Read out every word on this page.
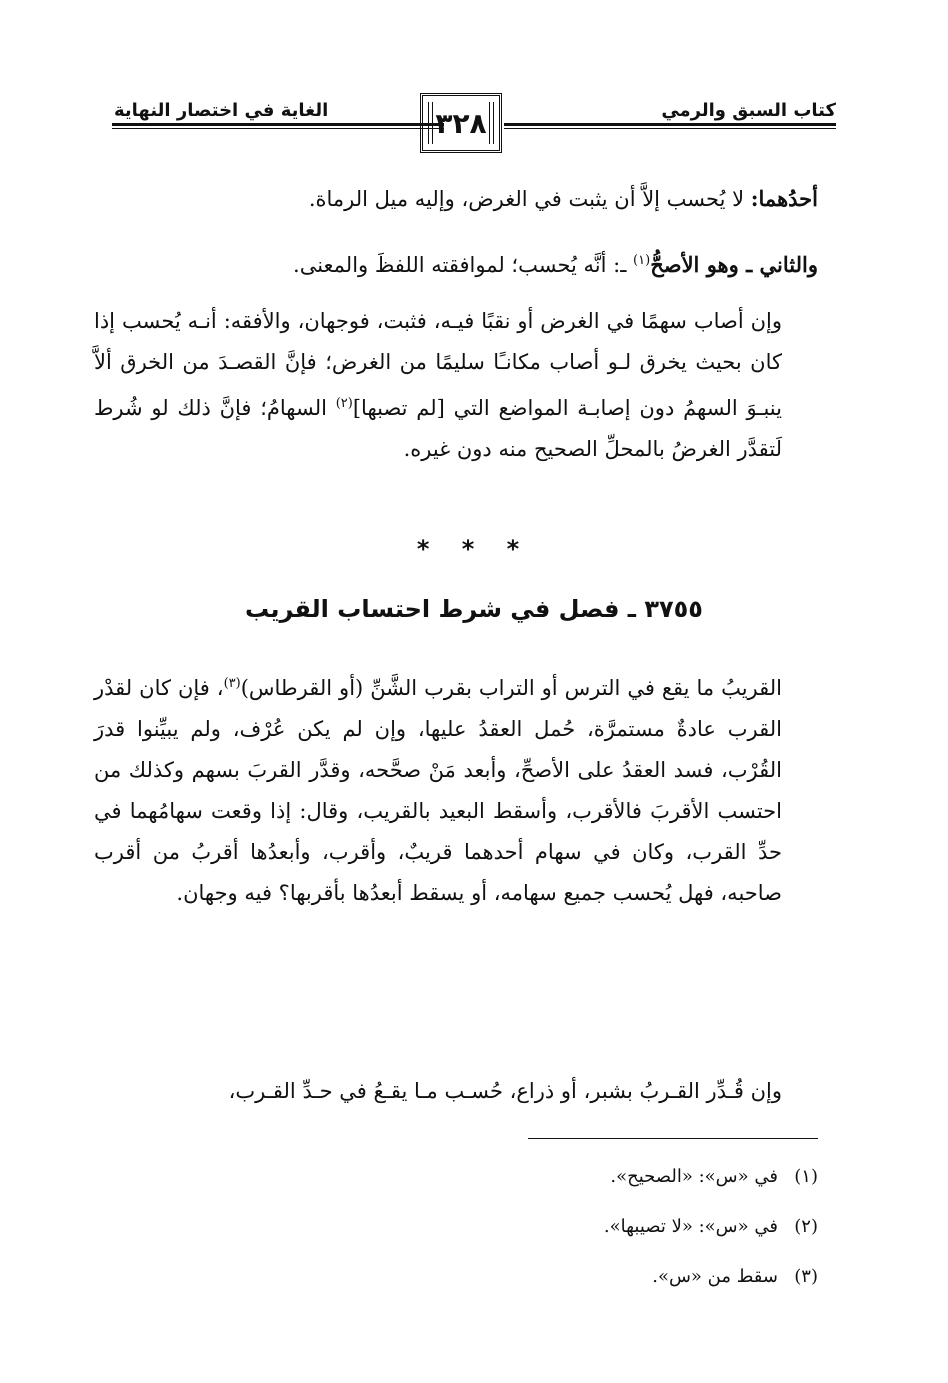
كتاب السبق والرمي
٣٢٨
الغاية في اختصار النهاية
أحدُهما: لا يُحسب إلاَّ أن يثبت في الغرض، وإليه ميل الرماة.
والثاني ـ وهو الأصحُّ$^{(١)}$ ـ: أنَّه يُحسب؛ لموافقته اللفظَ والمعنى.
وإن أصاب سهمًا في الغرض أو نقبًا فيـه، فثبت، فوجهان، والأفقه: أنـه يُحسب إذا كان بحيث يخرق لـو أصاب مكانـًا سليمًا من الغرض؛ فإنَّ القصـدَ من الخرق ألاَّ ينبـوَ السهمُ دون إصابـة المواضع التي [لم تصبها]$^{(٢)}$ السهامُ؛ فإنَّ ذلك لو شُرط لَتقدَّر الغرضُ بالمحلِّ الصحيح منه دون غيره.
* * *
٣٧٥٥ ـ فصل في شرط احتساب القريب
القريبُ ما يقع في الترس أو التراب بقرب الشَّنِّ (أو القرطاس)$^{(٣)}$، فإن كان لقدْر القرب عادةٌ مستمرَّة، حُمل العقدُ عليها، وإن لم يكن عُرْف، ولم يبيِّنوا قدرَ القُرْب، فسد العقدُ على الأصحِّ، وأبعد مَنْ صحَّحه، وقدَّر القربَ بسهم وكذلك من احتسب الأقربَ فالأقرب، وأسقط البعيد بالقريب، وقال: إذا وقعت سهامُهما في حدِّ القرب، وكان في سهام أحدهما قريبٌ، وأقرب، وأبعدُها أقربُ من أقرب صاحبه، فهل يُحسب جميع سهامه، أو يسقط أبعدُها بأقربها؟ فيه وجهان.
وإن قُـدِّر القـربُ بشبر، أو ذراع، حُسـب مـا يقـعُ في حـدِّ القـرب،
(١)
في «س»: «الصحيح».
(٢)
في «س»: «لا تصيبها».
(٣)
سقط من «س».
